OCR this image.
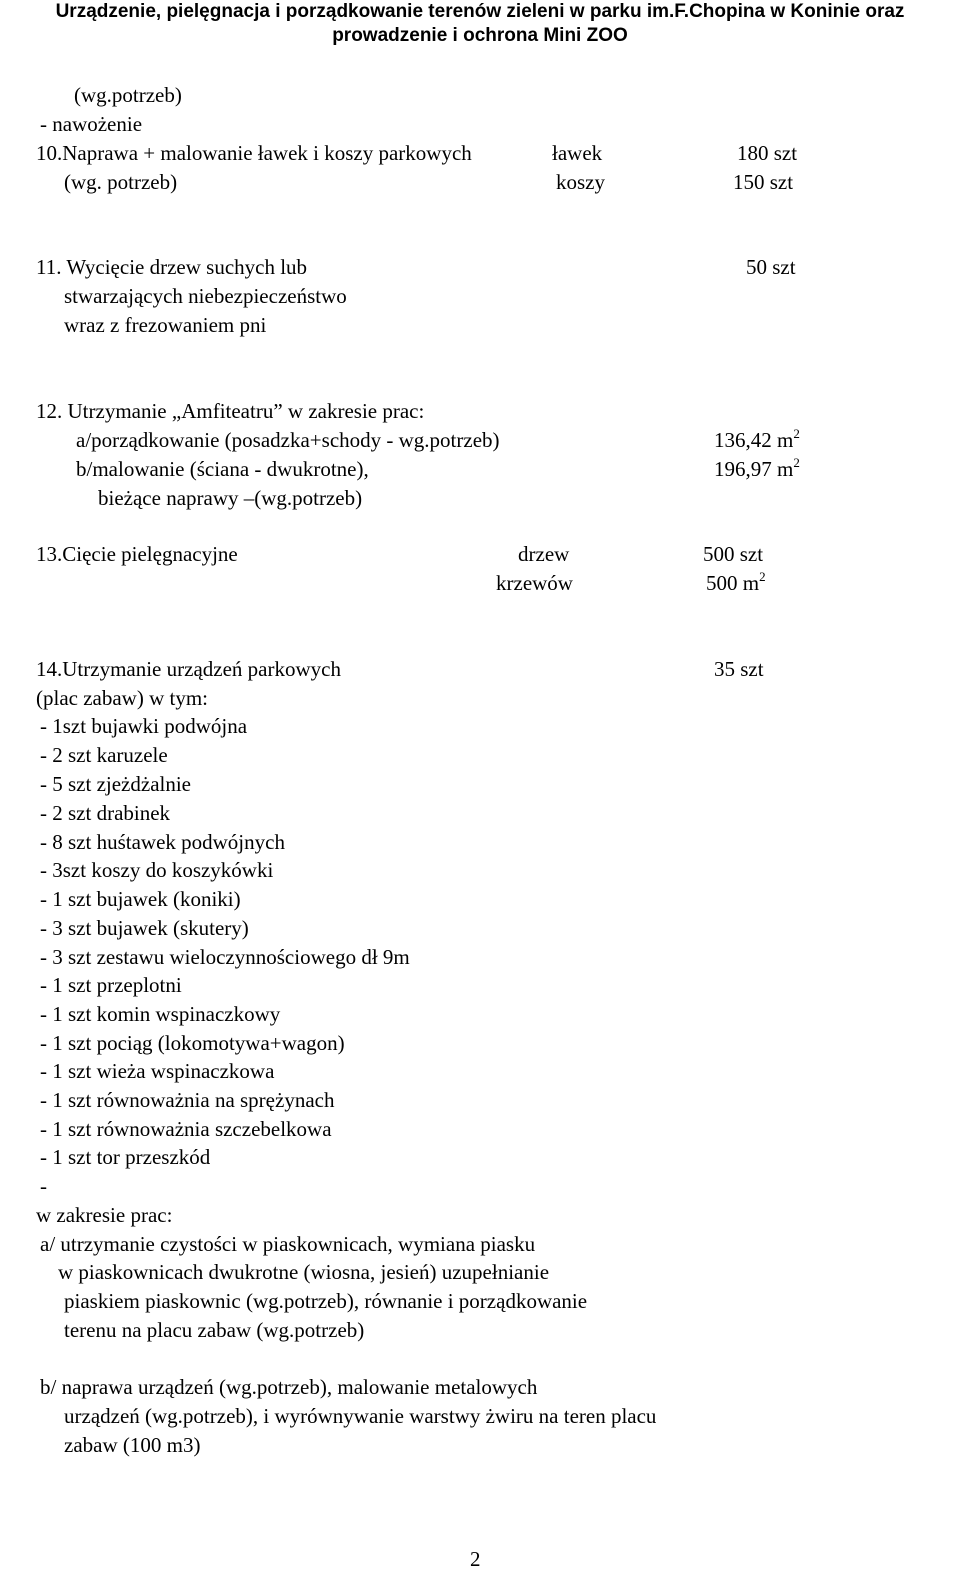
Urządzenie, pielęgnacja i porządkowanie terenów zieleni w parku im.F.Chopina w Koninie oraz
prowadzenie i ochrona Mini ZOO
(wg.potrzeb)
- nawożenie
10.Naprawa + malowanie ławek i koszy parkowych	ławek	180 szt
(wg. potrzeb)	koszy	150 szt
11. Wycięcie drzew suchych lub	50 szt
stwarzających niebezpieczeństwo
wraz z frezowaniem pni
12. Utrzymanie „Amfiteatru” w zakresie prac:
a/porządkowanie (posadzka+schody - wg.potrzeb)	136,42 $m^2$
b/malowanie (ściana - dwukrotne),	196,97 $m^2$
bieżące naprawy –(wg.potrzeb)
13.Cięcie pielęgnacyjne	drzew	500 szt
krzewów	500 $m^2$
14.Utrzymanie urządzeń parkowych	35 szt
(plac zabaw) w tym:
- 1szt bujawki podwójna
- 2 szt karuzele
- 5 szt zjeżdżalnie
- 2 szt drabinek
- 8 szt huśtawek podwójnych
- 3szt koszy do koszykówki
- 1 szt bujawek (koniki)
- 3 szt bujawek (skutery)
- 3 szt zestawu wieloczynnościowego dł 9m
- 1 szt przeplotni
- 1 szt komin wspinaczkowy
- 1 szt pociąg (lokomotywa+wagon)
- 1 szt wieża wspinaczkowa
- 1 szt równoważnia na sprężynach
- 1 szt równoważnia szczebelkowa
- 1 szt tor przeszkód
-
w zakresie prac:
a/ utrzymanie czystości w piaskownicach, wymiana piasku
w piaskownicach dwukrotne (wiosna, jesień) uzupełnianie
piaskiem piaskownic (wg.potrzeb), równanie i porządkowanie
terenu na placu zabaw (wg.potrzeb)
b/ naprawa urządzeń (wg.potrzeb), malowanie metalowych
urządzeń (wg.potrzeb), i wyrównywanie warstwy żwiru na teren placu
zabaw (100 m3)
2
